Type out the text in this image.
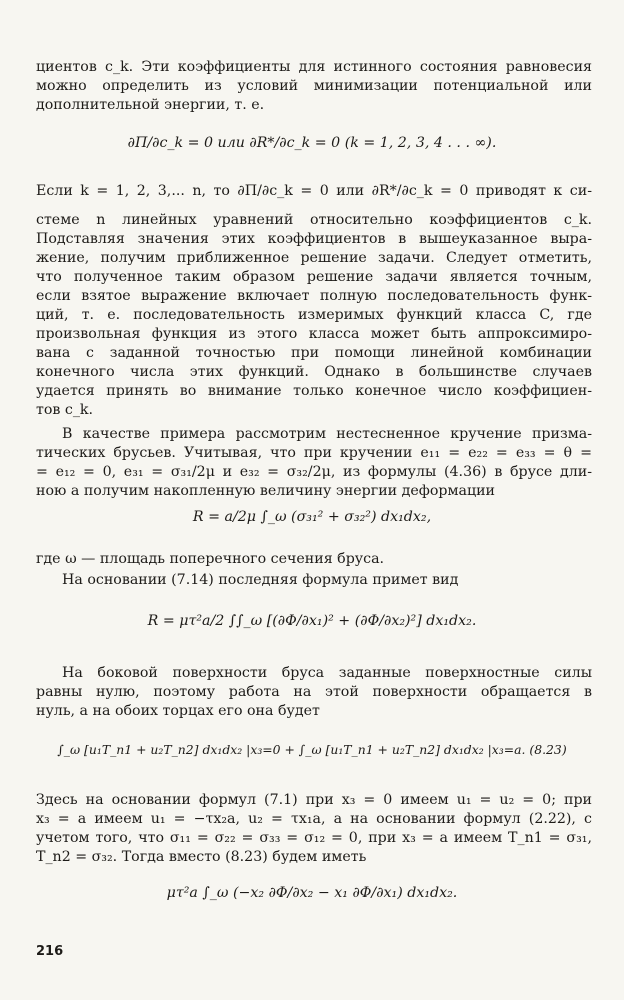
циентов c_k. Эти коэффициенты для истинного состояния равновесия
можно определить из условий минимизации потенциальной или
дополнительной энергии, т. е.
∂Π/∂c_k = 0 или ∂R*/∂c_k = 0 (k = 1, 2, 3, 4 . . . ∞).
Если k = 1, 2, 3,... n, то ∂Π/∂c_k = 0 или ∂R*/∂c_k = 0 приводят к си-
стеме n линейных уравнений относительно коэффициентов c_k.
Подставляя значения этих коэффициентов в вышеуказанное выра-
жение, получим приближенное решение задачи. Следует отметить,
что полученное таким образом решение задачи является точным,
если взятое выражение включает полную последовательность функ-
ций, т. е. последовательность измеримых функций класса C, где
произвольная функция из этого класса может быть аппроксимиро-
вана с заданной точностью при помощи линейной комбинации
конечного числа этих функций. Однако в большинстве случаев
удается принять во внимание только конечное число коэффициен-
тов c_k.
В качестве примера рассмотрим нестесненное кручение призма-
тических брусьев. Учитывая, что при кручении e₁₁ = e₂₂ = e₃₃ = θ =
= e₁₂ = 0, e₃₁ = σ₃₁/2μ и e₃₂ = σ₃₂/2μ, из формулы (4.36) в брусе дли-
ною a получим накопленную величину энергии деформации
R = a/2μ ∫_ω (σ₃₁² + σ₃₂²) dx₁dx₂,
где ω — площадь поперечного сечения бруса.
На основании (7.14) последняя формула примет вид
R = μτ²a/2 ∫∫_ω [(∂Φ/∂x₁)² + (∂Φ/∂x₂)²] dx₁dx₂.
На боковой поверхности бруса заданные поверхностные силы
равны нулю, поэтому работа на этой поверхности обращается в
нуль, а на обоих торцах его она будет
∫_ω [u₁T_n1 + u₂T_n2] dx₁dx₂ |x₃=0 + ∫_ω [u₁T_n1 + u₂T_n2] dx₁dx₂ |x₃=a. (8.23)
Здесь на основании формул (7.1) при x₃ = 0 имеем u₁ = u₂ = 0; при
x₃ = a имеем u₁ = −τx₂a, u₂ = τx₁a, а на основании формул (2.22), с
учетом того, что σ₁₁ = σ₂₂ = σ₃₃ = σ₁₂ = 0, при x₃ = a имеем T_n1 = σ₃₁,
T_n2 = σ₃₂. Тогда вместо (8.23) будем иметь
μτ²a ∫_ω (−x₂ ∂Φ/∂x₂ − x₁ ∂Φ/∂x₁) dx₁dx₂.
216
